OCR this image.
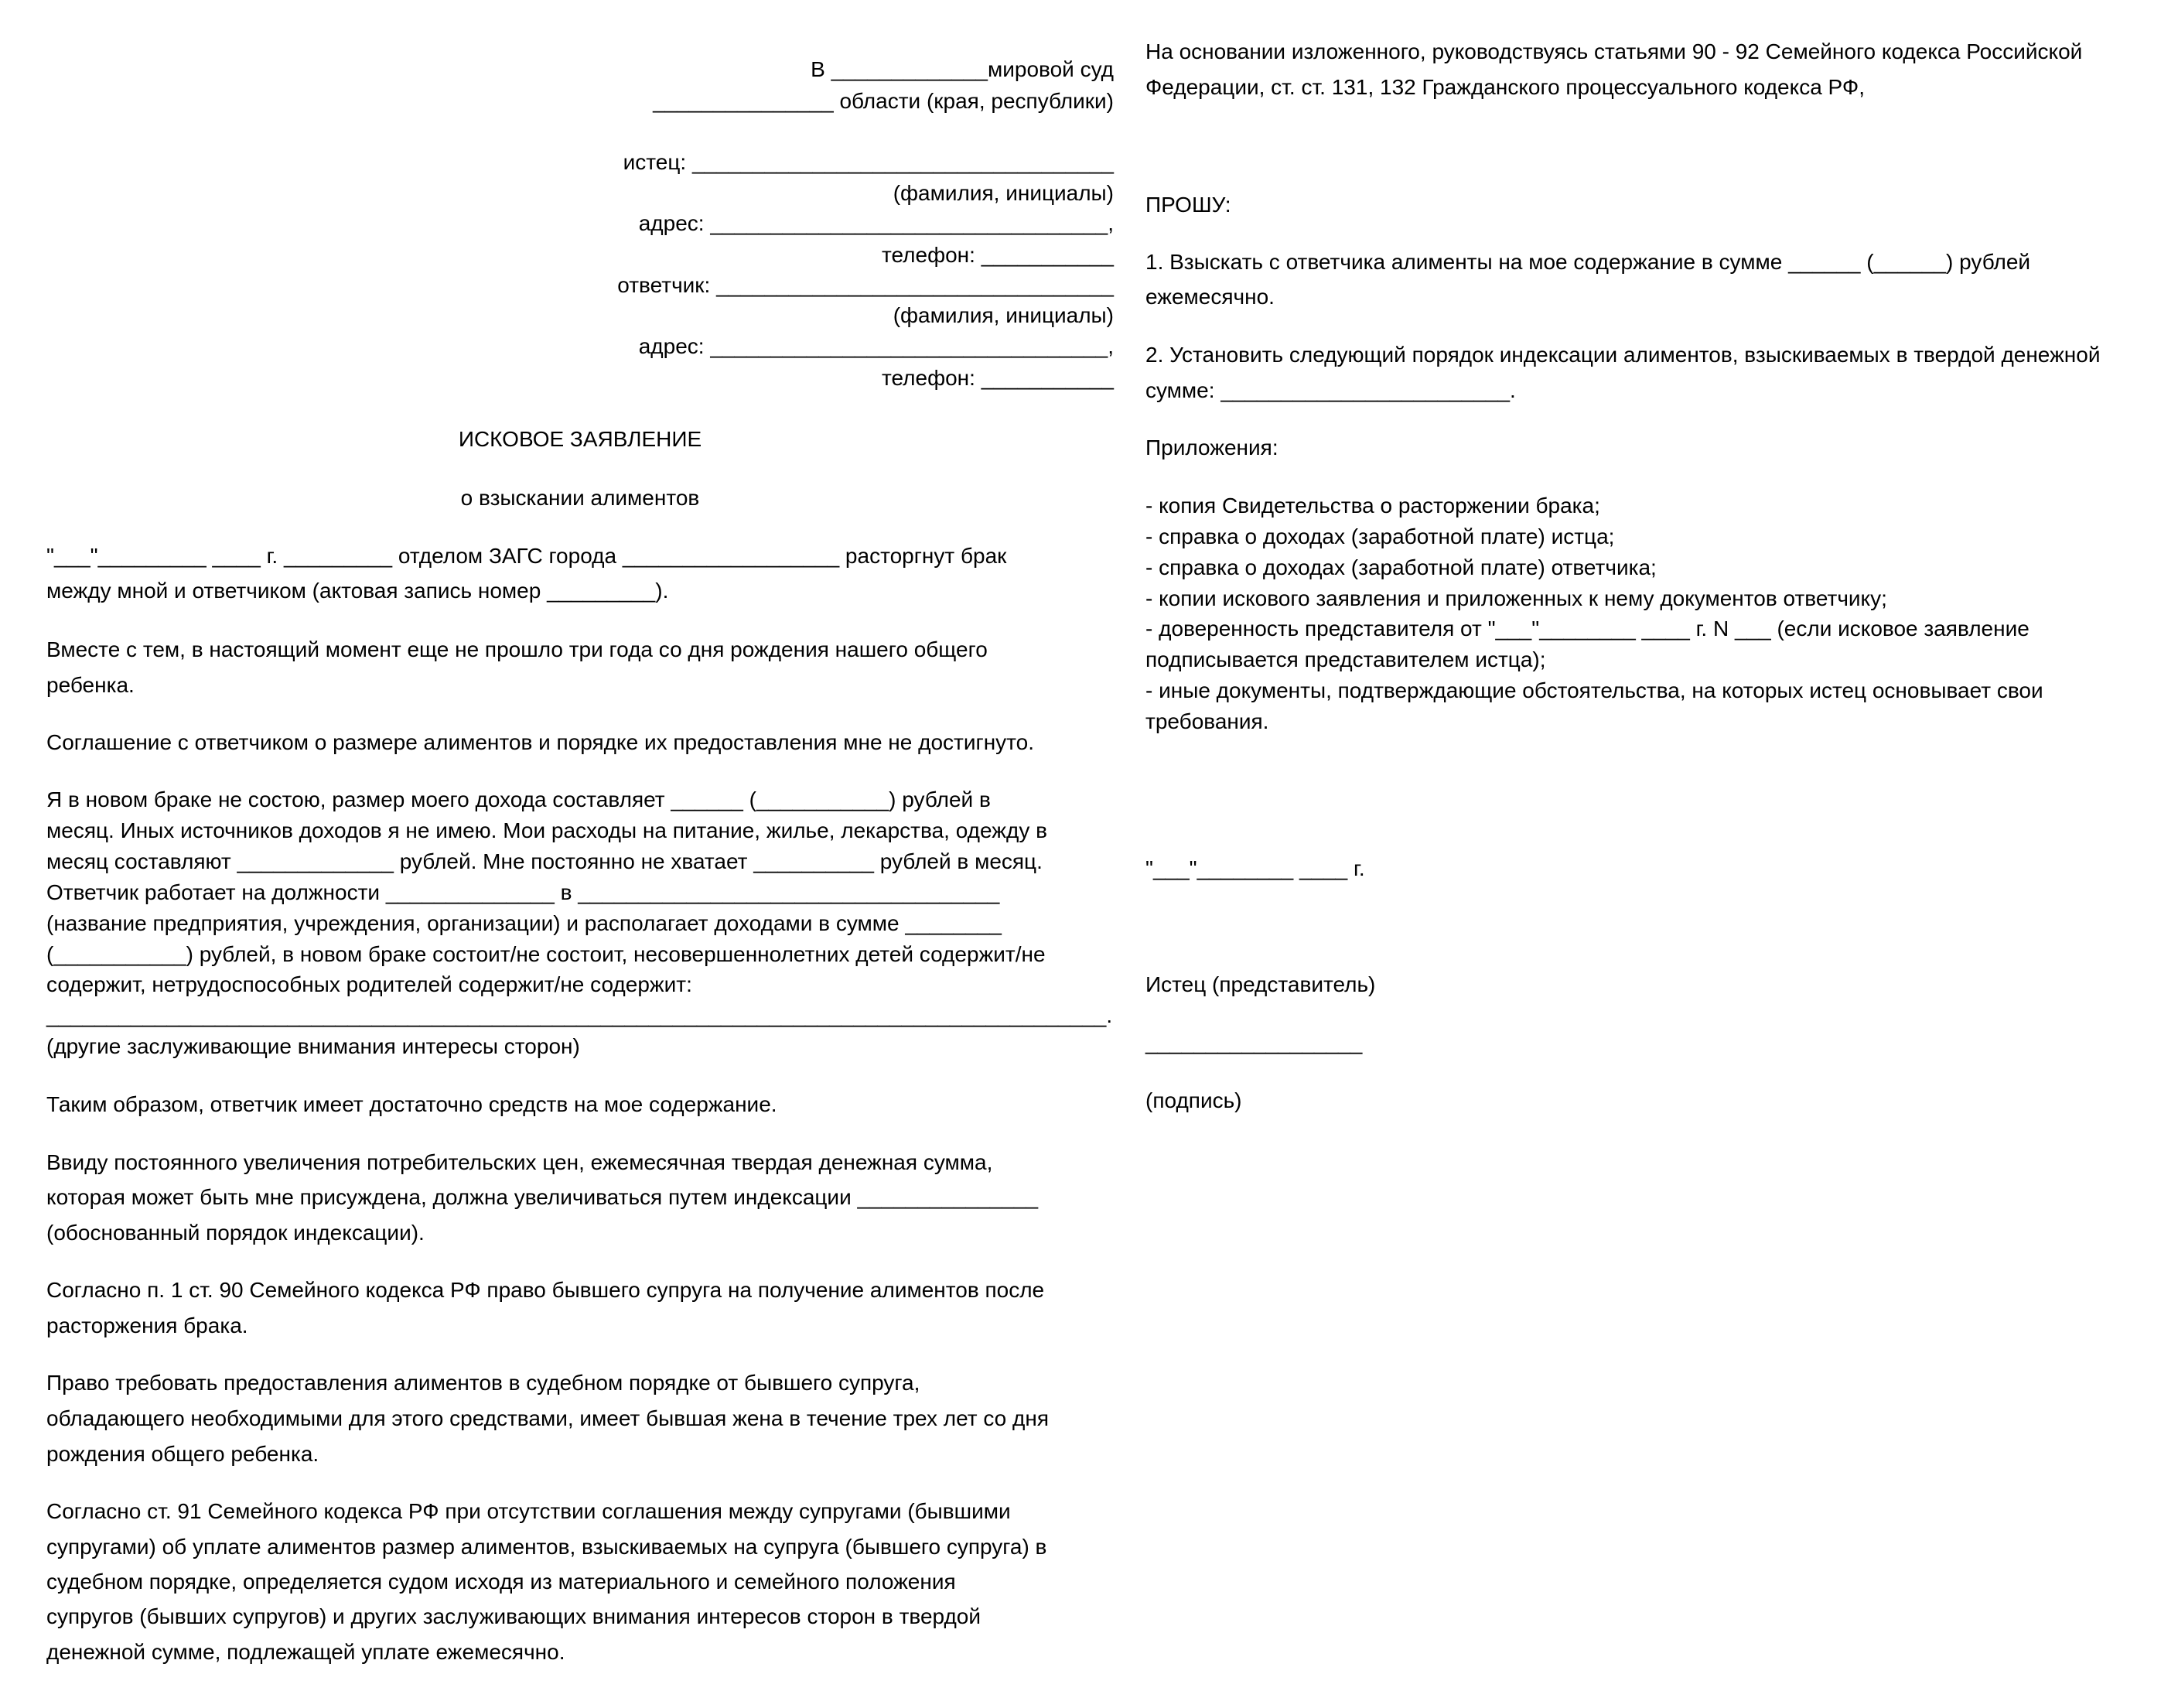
В _____________мировой суд
_______________ области (края, республики)
истец: ___________________________________
(фамилия, инициалы)
адрес: _________________________________,
телефон: ___________
ответчик: _________________________________
(фамилия, инициалы)
адрес: _________________________________,
телефон: ___________
ИСКОВОЕ ЗАЯВЛЕНИЕ
о взыскании алиментов
"___"_________ ____ г. _________ отделом ЗАГС города __________________ расторгнут брак
между мной и ответчиком (актовая запись номер _________).
Вместе с тем, в настоящий момент еще не прошло три года со дня рождения нашего общего
ребенка.
Соглашение с ответчиком о размере алиментов и порядке их предоставления мне не достигнуто.
Я в новом браке не состою, размер моего дохода составляет ______ (___________) рублей в
месяц. Иных источников доходов я не имею. Мои расходы на питание, жилье, лекарства, одежду в
месяц составляют _____________ рублей. Мне постоянно не хватает __________ рублей в месяц.
Ответчик работает на должности ______________ в ___________________________________
(название предприятия, учреждения, организации) и располагает доходами в сумме ________
(___________) рублей, в новом браке состоит/не состоит, несовершеннолетних детей содержит/не
содержит, нетрудоспособных родителей содержит/не содержит:
________________________________________________________________________________________.
(другие заслуживающие внимания интересы сторон)
Таким образом, ответчик имеет достаточно средств на мое содержание.
Ввиду постоянного увеличения потребительских цен, ежемесячная твердая денежная сумма,
которая может быть мне присуждена, должна увеличиваться путем индексации _______________
(обоснованный порядок индексации).
Согласно п. 1 ст. 90 Семейного кодекса РФ право бывшего супруга на получение алиментов после
расторжения брака.
Право требовать предоставления алиментов в судебном порядке от бывшего супруга,
обладающего необходимыми для этого средствами, имеет бывшая жена в течение трех лет со дня
рождения общего ребенка.
Согласно ст. 91 Семейного кодекса РФ при отсутствии соглашения между супругами (бывшими
супругами) об уплате алиментов размер алиментов, взыскиваемых на супруга (бывшего супруга) в
судебном порядке, определяется судом исходя из материального и семейного положения
супругов (бывших супругов) и других заслуживающих внимания интересов сторон в твердой
денежной сумме, подлежащей уплате ежемесячно.
На основании изложенного, руководствуясь статьями 90 - 92 Семейного кодекса Российской
Федерации, ст. ст. 131, 132 Гражданского процессуального кодекса РФ,
ПРОШУ:
1. Взыскать с ответчика алименты на мое содержание в сумме ______ (______) рублей
ежемесячно.
2. Установить следующий порядок индексации алиментов, взыскиваемых в твердой денежной
сумме: ________________________.
Приложения:
- копия Свидетельства о расторжении брака;
- справка о доходах (заработной плате) истца;
- справка о доходах (заработной плате) ответчика;
- копии искового заявления и приложенных к нему документов ответчику;
- доверенность представителя от "___"________ ____ г. N ___ (если исковое заявление
подписывается представителем истца);
- иные документы, подтверждающие обстоятельства, на которых истец основывает свои
требования.
"___"________ ____ г.
Истец (представитель)
__________________
(подпись)
